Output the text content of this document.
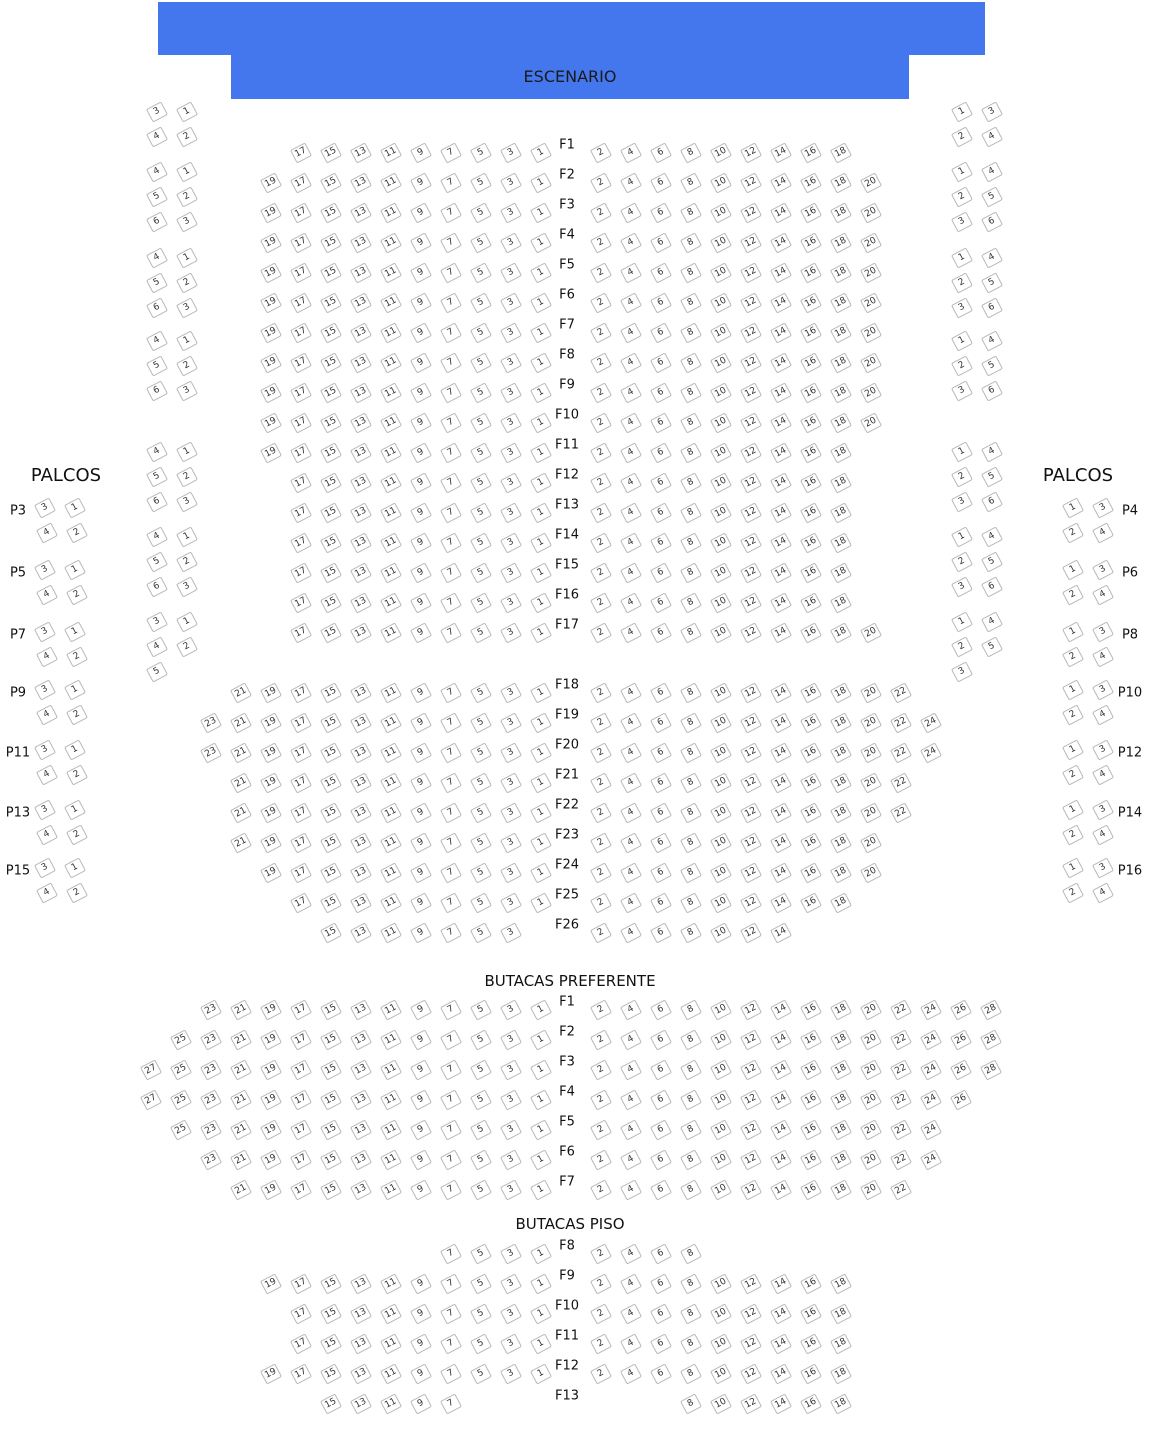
ESCENARIO
PALCOS	PALCOS
BUTACAS PREFERENTE
BUTACAS PISO
F1
17	15	13	11	9	7	5	3	1	2	4	6	8	10	12	14	16	18
F2
19	17	15	13	11	9	7	5	3	1	2	4	6	8	10	12	14	16	18	20
F3
19	17	15	13	11	9	7	5	3	1	2	4	6	8	10	12	14	16	18	20
F4
19	17	15	13	11	9	7	5	3	1	2	4	6	8	10	12	14	16	18	20
F5
19	17	15	13	11	9	7	5	3	1	2	4	6	8	10	12	14	16	18	20
F6
19	17	15	13	11	9	7	5	3	1	2	4	6	8	10	12	14	16	18	20
F7
19	17	15	13	11	9	7	5	3	1	2	4	6	8	10	12	14	16	18	20
F8
19	17	15	13	11	9	7	5	3	1	2	4	6	8	10	12	14	16	18	20
F9
19	17	15	13	11	9	7	5	3	1	2	4	6	8	10	12	14	16	18	20
F10
19	17	15	13	11	9	7	5	3	1	2	4	6	8	10	12	14	16	18	20
F11
19	17	15	13	11	9	7	5	3	1	2	4	6	8	10	12	14	16	18
F12
17	15	13	11	9	7	5	3	1	2	4	6	8	10	12	14	16	18
F13
17	15	13	11	9	7	5	3	1	2	4	6	8	10	12	14	16	18
F14
17	15	13	11	9	7	5	3	1	2	4	6	8	10	12	14	16	18
F15
17	15	13	11	9	7	5	3	1	2	4	6	8	10	12	14	16	18
F16
17	15	13	11	9	7	5	3	1	2	4	6	8	10	12	14	16	18
F17
17	15	13	11	9	7	5	3	1	2	4	6	8	10	12	14	16	18	20
F18
21	19	17	15	13	11	9	7	5	3	1	2	4	6	8	10	12	14	16	18	20	22
F19
23	21	19	17	15	13	11	9	7	5	3	1	2	4	6	8	10	12	14	16	18	20	22	24
F20
23	21	19	17	15	13	11	9	7	5	3	1	2	4	6	8	10	12	14	16	18	20	22	24
F21
21	19	17	15	13	11	9	7	5	3	1	2	4	6	8	10	12	14	16	18	20	22
F22
21	19	17	15	13	11	9	7	5	3	1	2	4	6	8	10	12	14	16	18	20	22
F23
21	19	17	15	13	11	9	7	5	3	1	2	4	6	8	10	12	14	16	18	20
F24
19	17	15	13	11	9	7	5	3	1	2	4	6	8	10	12	14	16	18	20
F25
17	15	13	11	9	7	5	3	1	2	4	6	8	10	12	14	16	18
F26
15	13	11	9	7	5	3	2	4	6	8	10	12	14
F1
23	21	19	17	15	13	11	9	7	5	3	1	2	4	6	8	10	12	14	16	18	20	22	24	26	28
F2
25	23	21	19	17	15	13	11	9	7	5	3	1	2	4	6	8	10	12	14	16	18	20	22	24	26	28
F3
27	25	23	21	19	17	15	13	11	9	7	5	3	1	2	4	6	8	10	12	14	16	18	20	22	24	26	28
F4
27	25	23	21	19	17	15	13	11	9	7	5	3	1	2	4	6	8	10	12	14	16	18	20	22	24	26
F5
25	23	21	19	17	15	13	11	9	7	5	3	1	2	4	6	8	10	12	14	16	18	20	22	24
F6
23	21	19	17	15	13	11	9	7	5	3	1	2	4	6	8	10	12	14	16	18	20	22	24
F7
21	19	17	15	13	11	9	7	5	3	1	2	4	6	8	10	12	14	16	18	20	22
F8
7	5	3	1	2	4	6	8
F9
19	17	15	13	11	9	7	5	3	1	2	4	6	8	10	12	14	16	18
F10
17	15	13	11	9	7	5	3	1	2	4	6	8	10	12	14	16	18
F11
17	15	13	11	9	7	5	3	1	2	4	6	8	10	12	14	16	18
F12
19	17	15	13	11	9	7	5	3	1	2	4	6	8	10	12	14	16	18
F13
15	13	11	9	7	8	10	12	14	16	18
3	1
4	2
4	1
5	2
6	3
4	1
5	2
6	3
4	1
5	2
6	3
4	1
5	2
6	3
4	1
5	2
6	3
3	1
4	2
5
1	3
2	4
1	4
2	5
3	6
1	4
2	5
3	6
1	4
2	5
3	6
1	4
2	5
3	6
1	4
2	5
3	6
1	4
2	5
3
P3	3	1
4	2
P5	3	1
4	2
P7	3	1
4	2
P9	3	1
4	2
P11	3	1
4	2
P13	3	1
4	2
P15	3	1
4	2
P4
1	3
2	4
P6
1	3
2	4
P8
1	3
2	4
P10
1	3
2	4
P12
1	3
2	4
P14
1	3
2	4
P16
1	3
2	4
